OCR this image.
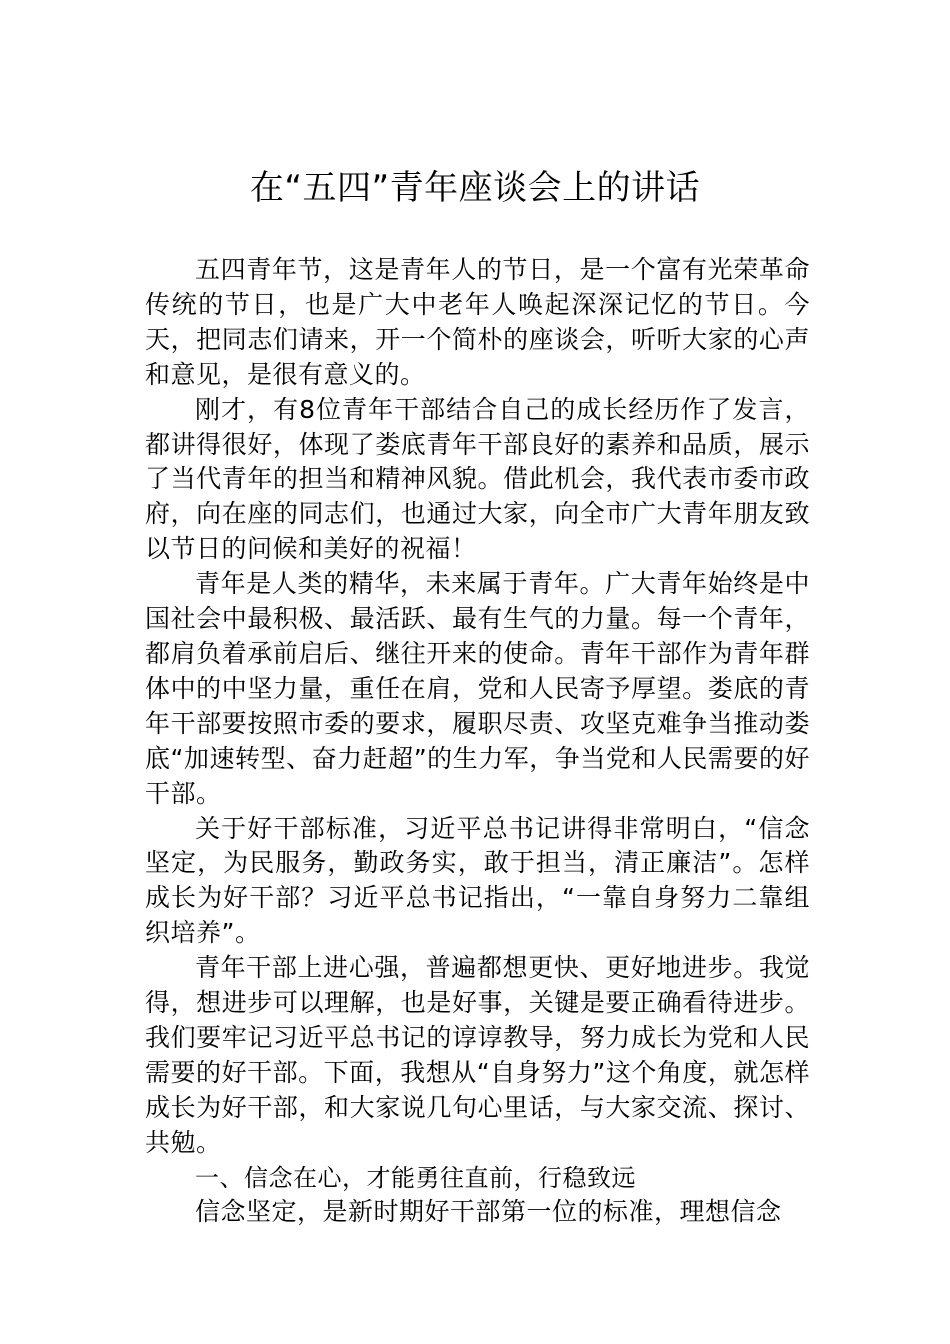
在“五四”青年座谈会上的讲话

五四青年节，这是青年人的节日，是一个富有光荣革命传统的节日，也是广大中老年人唤起深深记忆的节日。今天，把同志们请来，开一个简朴的座谈会，听听大家的心声和意见，是很有意义的。

刚才，有8位青年干部结合自己的成长经历作了发言，都讲得很好，体现了娄底青年干部良好的素养和品质，展示了当代青年的担当和精神风貌。借此机会，我代表市委市政府，向在座的同志们，也通过大家，向全市广大青年朋友致以节日的问候和美好的祝福！

青年是人类的精华，未来属于青年。广大青年始终是中国社会中最积极、最活跃、最有生气的力量。每一个青年，都肩负着承前启后、继往开来的使命。青年干部作为青年群体中的中坚力量，重任在肩，党和人民寄予厚望。娄底的青年干部要按照市委的要求，履职尽责、攻坚克难争当推动娄底“加速转型、奋力赶超”的生力军，争当党和人民需要的好干部。

关于好干部标准，习近平总书记讲得非常明白，“信念坚定，为民服务，勤政务实，敢于担当，清正廉洁”。怎样成长为好干部？习近平总书记指出，“一靠自身努力二靠组织培养”。

青年干部上进心强，普遍都想更快、更好地进步。我觉得，想进步可以理解，也是好事，关键是要正确看待进步。我们要牢记习近平总书记的谆谆教导，努力成长为党和人民需要的好干部。下面，我想从“自身努力”这个角度，就怎样成长为好干部，和大家说几句心里话，与大家交流、探讨、共勉。

一、信念在心，才能勇往直前，行稳致远

信念坚定，是新时期好干部第一位的标准，理想信念
